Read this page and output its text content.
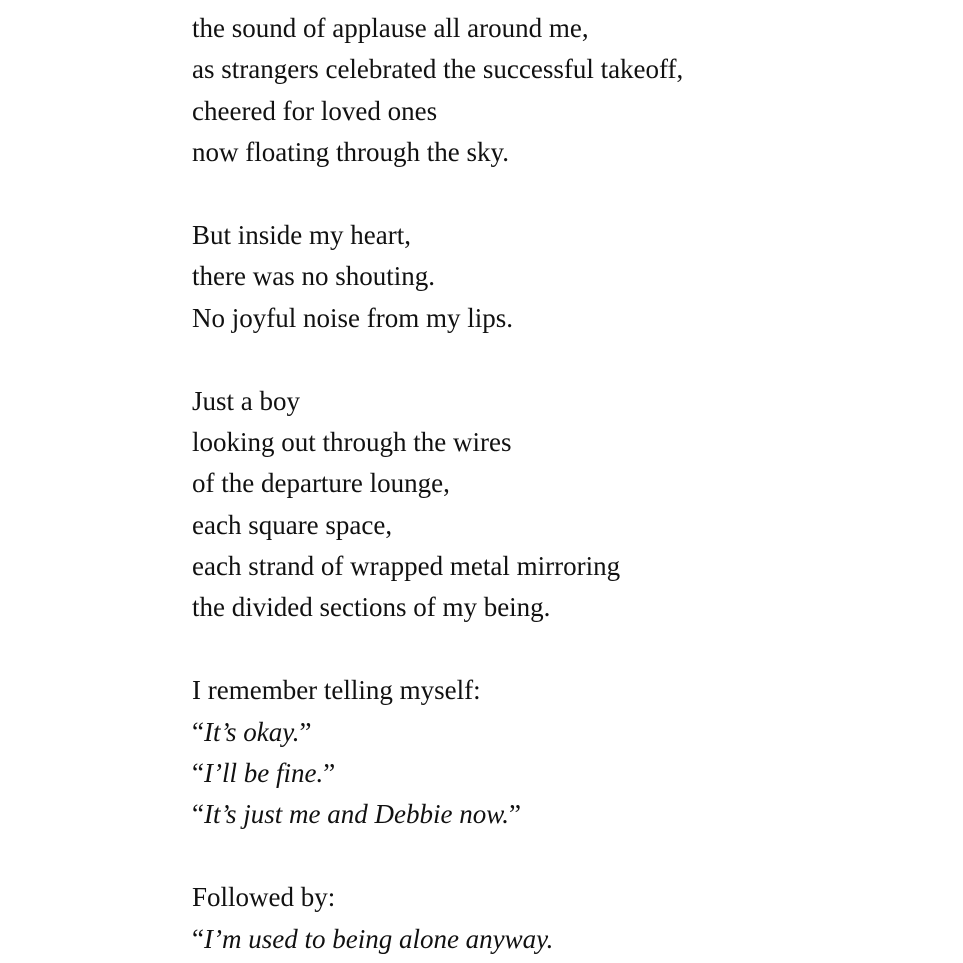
the sound of applause all around me,
as strangers celebrated the successful takeoff,
cheered for loved ones
now floating through the sky.
But inside my heart,
there was no shouting.
No joyful noise from my lips.
Just a boy
looking out through the wires
of the departure lounge,
each square space,
each strand of wrapped metal mirroring
the divided sections of my being.
I remember telling myself:
“It’s okay.”
“I’ll be fine.”
“It’s just me and Debbie now.”
Followed by:
“I’m used to being alone anyway.
